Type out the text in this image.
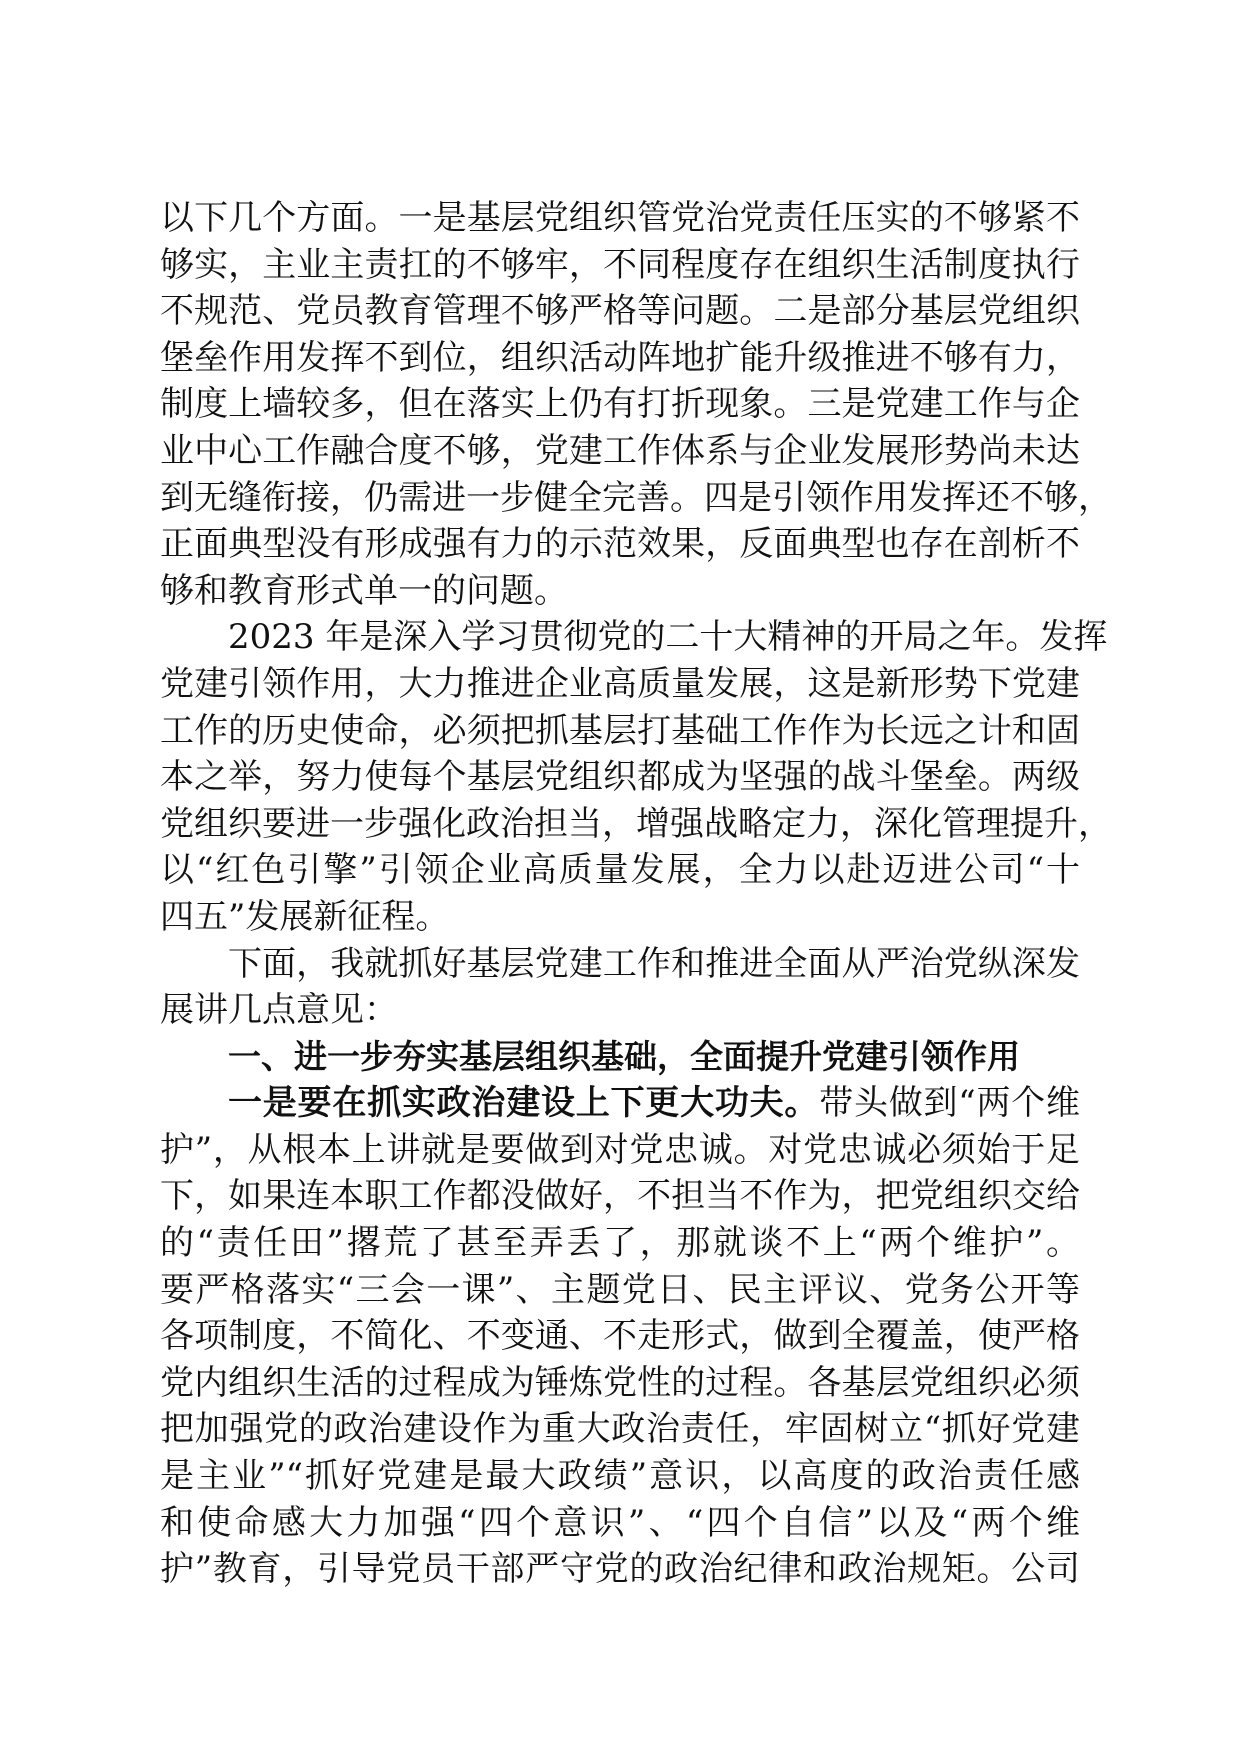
以下几个方面。一是基层党组织管党治党责任压实的不够紧不
够实，主业主责扛的不够牢，不同程度存在组织生活制度执行
不规范、党员教育管理不够严格等问题。二是部分基层党组织
堡垒作用发挥不到位，组织活动阵地扩能升级推进不够有力，
制度上墙较多，但在落实上仍有打折现象。三是党建工作与企
业中心工作融合度不够，党建工作体系与企业发展形势尚未达
到无缝衔接，仍需进一步健全完善。四是引领作用发挥还不够，
正面典型没有形成强有力的示范效果，反面典型也存在剖析不
够和教育形式单一的问题。
2023 年是深入学习贯彻党的二十大精神的开局之年。发挥
党建引领作用，大力推进企业高质量发展，这是新形势下党建
工作的历史使命，必须把抓基层打基础工作作为长远之计和固
本之举，努力使每个基层党组织都成为坚强的战斗堡垒。两级
党组织要进一步强化政治担当，增强战略定力，深化管理提升，
以“红色引擎”引领企业高质量发展，全力以赴迈进公司“十
四五”发展新征程。
下面，我就抓好基层党建工作和推进全面从严治党纵深发
展讲几点意见：
一、进一步夯实基层组织基础，全面提升党建引领作用
一是要在抓实政治建设上下更大功夫。带头做到“两个维
护”，从根本上讲就是要做到对党忠诚。对党忠诚必须始于足
下，如果连本职工作都没做好，不担当不作为，把党组织交给
的“责任田”撂荒了甚至弄丢了，那就谈不上“两个维护”。
要严格落实“三会一课”、主题党日、民主评议、党务公开等
各项制度，不简化、不变通、不走形式，做到全覆盖，使严格
党内组织生活的过程成为锤炼党性的过程。各基层党组织必须
把加强党的政治建设作为重大政治责任，牢固树立“抓好党建
是主业”“抓好党建是最大政绩”意识，以高度的政治责任感
和使命感大力加强“四个意识”、“四个自信”以及“两个维
护”教育，引导党员干部严守党的政治纪律和政治规矩。公司
